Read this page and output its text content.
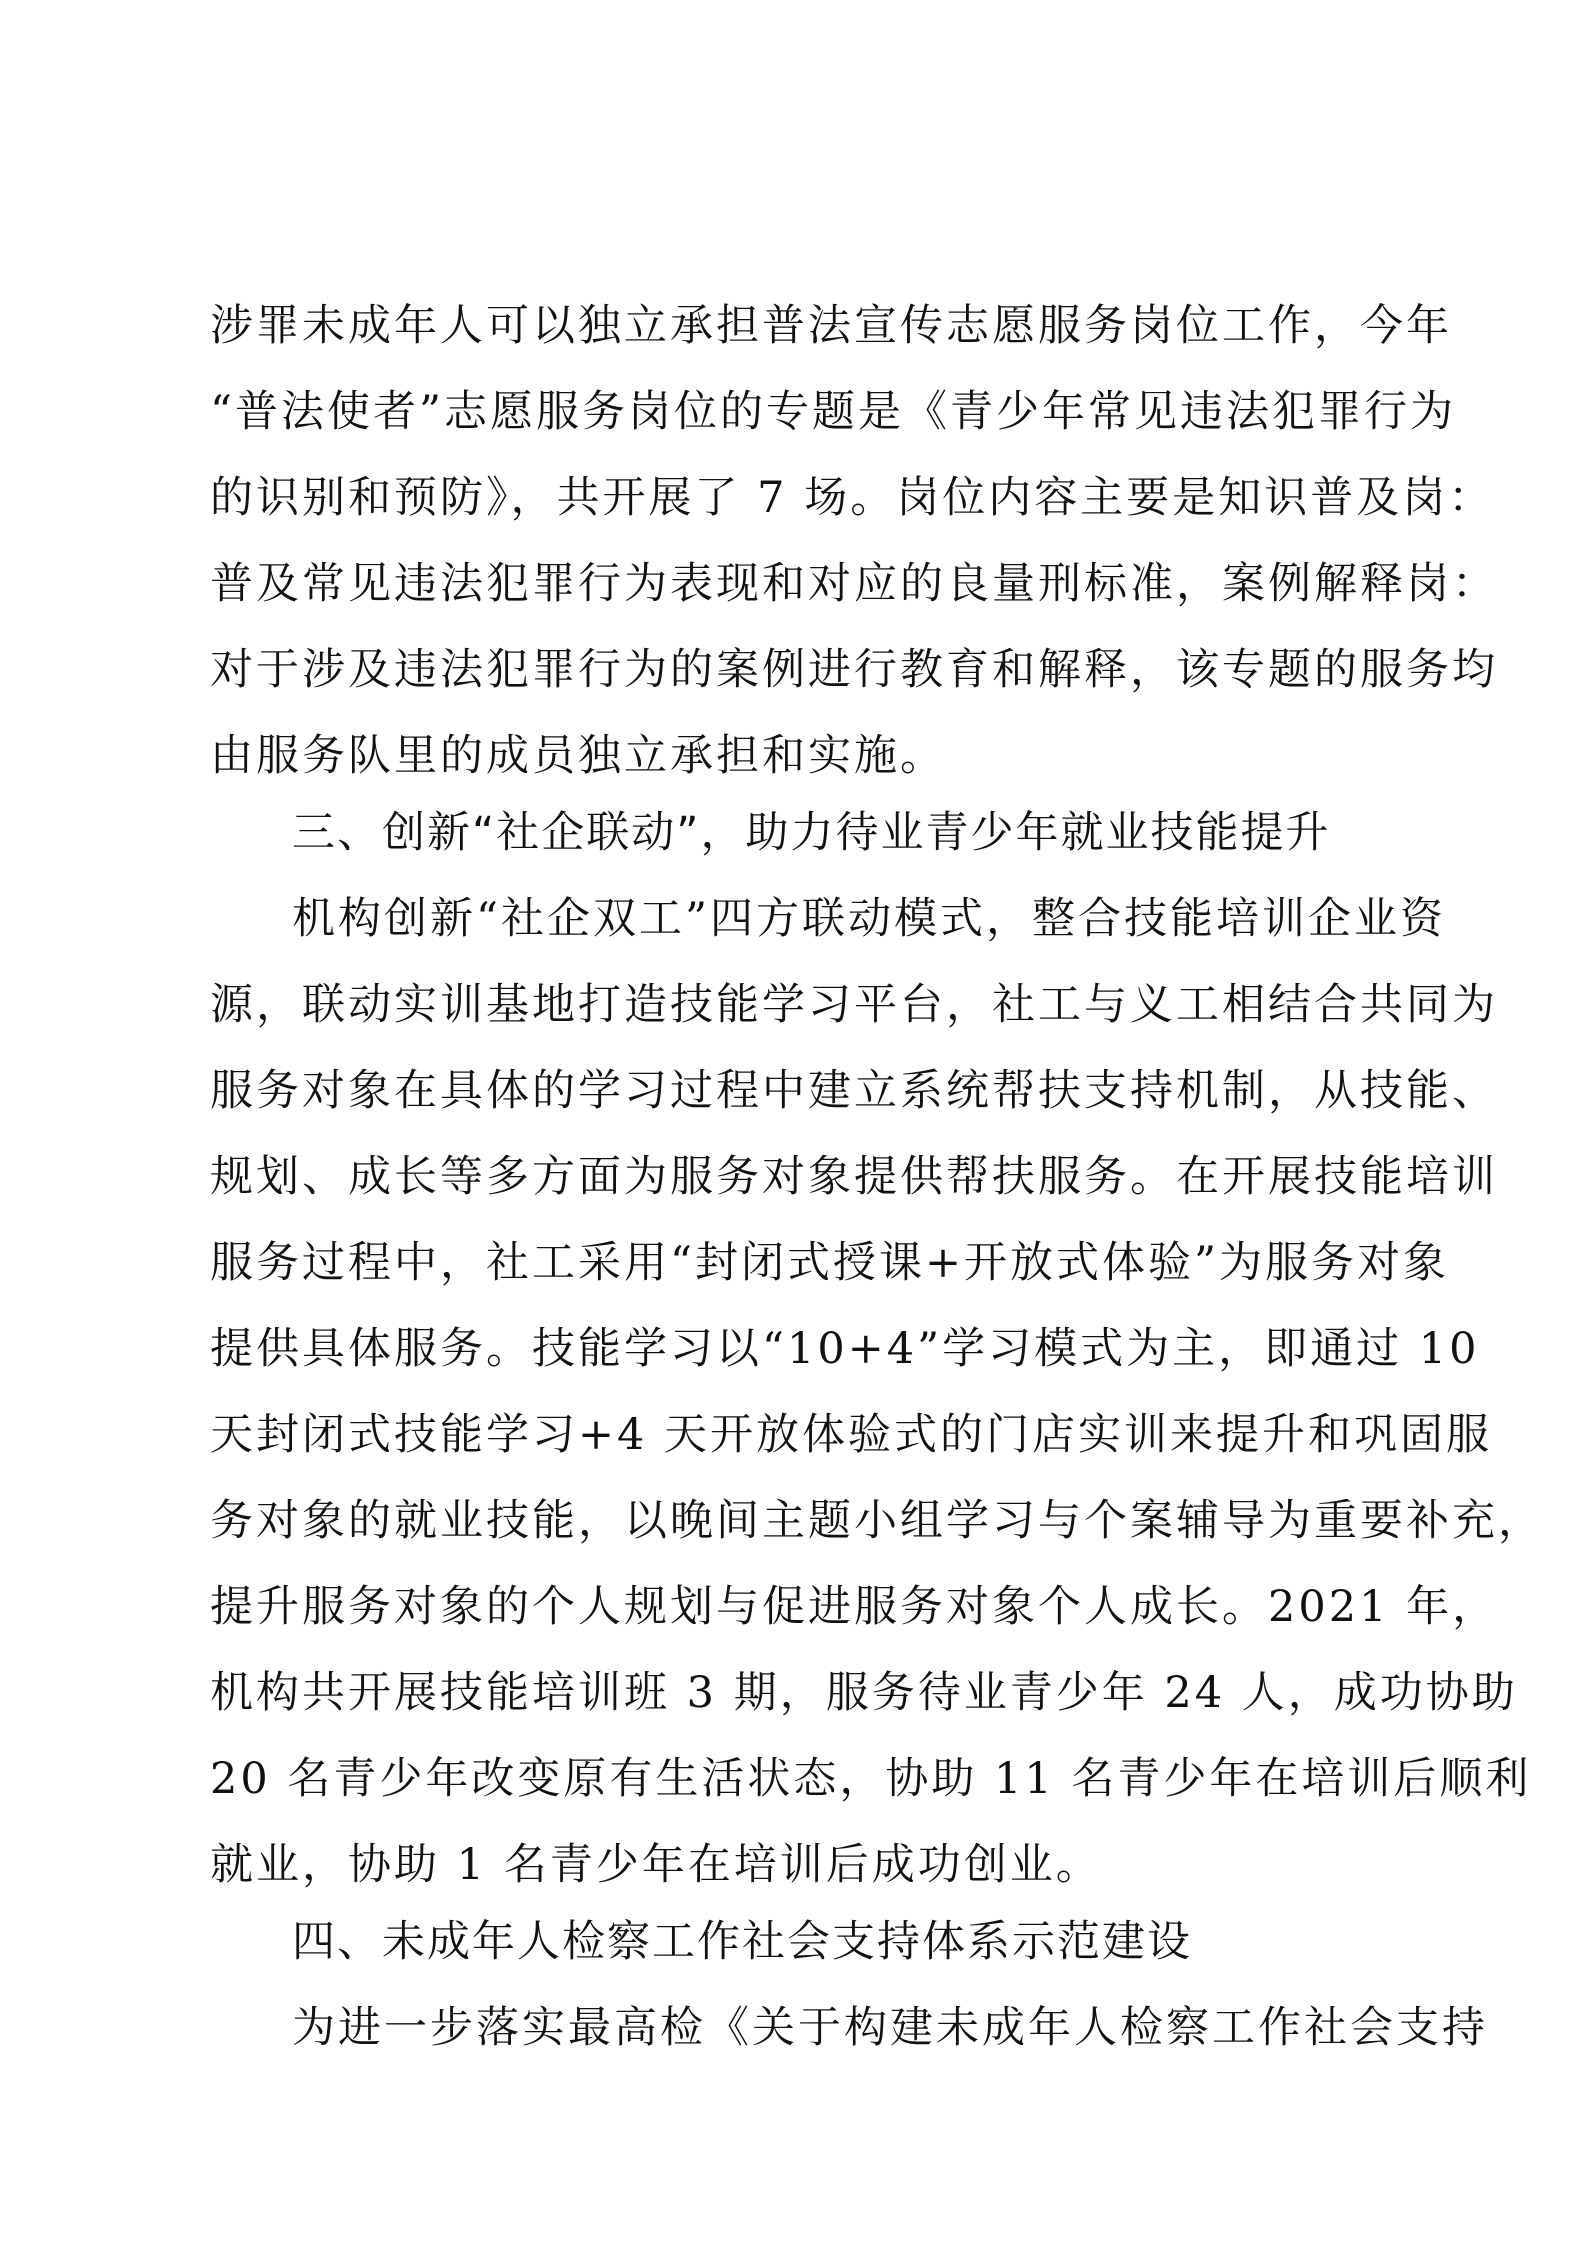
涉罪未成年人可以独立承担普法宣传志愿服务岗位工作，今年
“普法使者”志愿服务岗位的专题是《青少年常见违法犯罪行为
的识别和预防》，共开展了 7 场。岗位内容主要是知识普及岗：
普及常见违法犯罪行为表现和对应的良量刑标准，案例解释岗：
对于涉及违法犯罪行为的案例进行教育和解释，该专题的服务均
由服务队里的成员独立承担和实施。
三、创新“社企联动”，助力待业青少年就业技能提升
机构创新“社企双工”四方联动模式，整合技能培训企业资
源，联动实训基地打造技能学习平台，社工与义工相结合共同为
服务对象在具体的学习过程中建立系统帮扶支持机制，从技能、
规划、成长等多方面为服务对象提供帮扶服务。在开展技能培训
服务过程中，社工采用“封闭式授课+开放式体验”为服务对象
提供具体服务。技能学习以“10+4”学习模式为主，即通过 10
天封闭式技能学习+4 天开放体验式的门店实训来提升和巩固服
务对象的就业技能，以晚间主题小组学习与个案辅导为重要补充，
提升服务对象的个人规划与促进服务对象个人成长。2021 年，
机构共开展技能培训班 3 期，服务待业青少年 24 人，成功协助
20 名青少年改变原有生活状态，协助 11 名青少年在培训后顺利
就业，协助 1 名青少年在培训后成功创业。
四、未成年人检察工作社会支持体系示范建设
为进一步落实最高检《关于构建未成年人检察工作社会支持
